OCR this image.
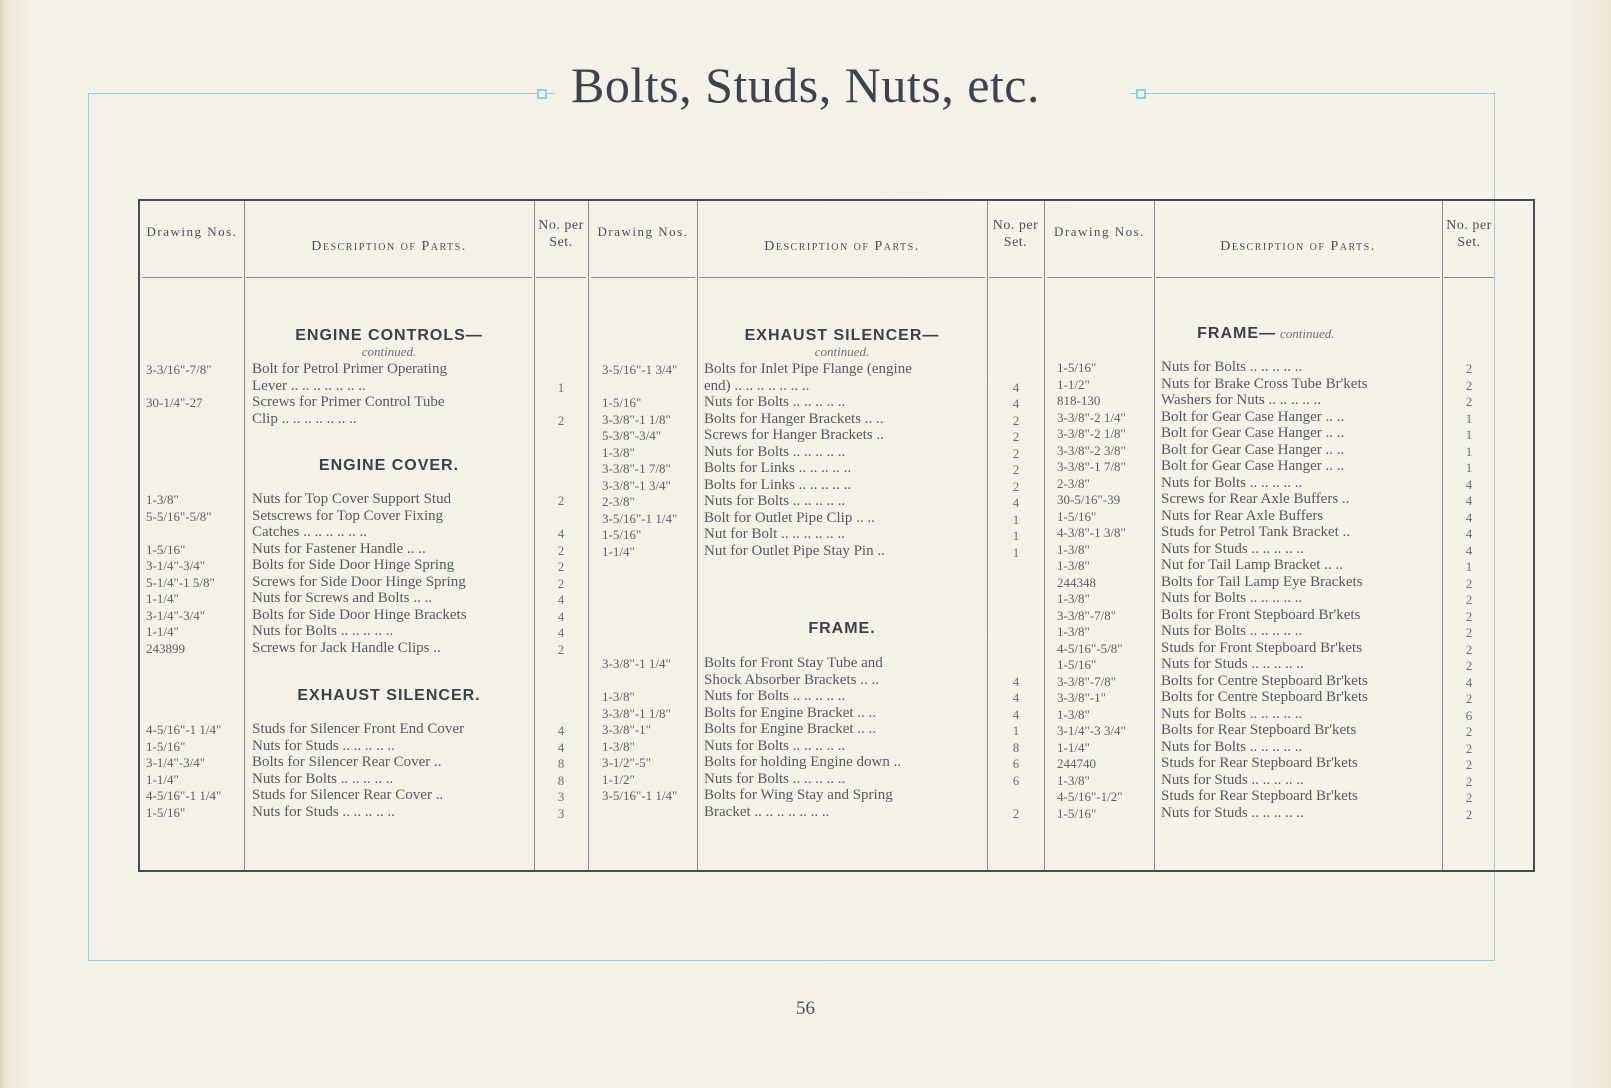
Bolts, Studs, Nuts, etc.
Drawing Nos.
Description of Parts.
No. per Set.
Drawing Nos.
Description of Parts.
No. per Set.
Drawing Nos.
Description of Parts.
No. per Set.
ENGINE CONTROLS—
continued.
ENGINE COVER.
EXHAUST SILENCER.
EXHAUST SILENCER—
continued.
FRAME.
FRAME— continued.
3-3/16"-7/8"	Bolt for Petrol Primer Operating
Lever .. .. .. .. .. .. ..	1
30-1/4"-27	Screws for Primer Control Tube
Clip .. .. .. .. .. .. ..	2
1-3/8"	Nuts for Top Cover Support Stud	2
5-5/16"-5/8"	Setscrews for Top Cover Fixing
Catches .. .. .. .. .. ..	4
1-5/16"	Nuts for Fastener Handle .. ..	2
3-1/4"-3/4"	Bolts for Side Door Hinge Spring	2
5-1/4"-1 5/8" Screws for Side Door Hinge Spring	2
1-1/4"	Nuts for Screws and Bolts .. ..	4
3-1/4"-3/4"	Bolts for Side Door Hinge Brackets	4
1-1/4"	Nuts for Bolts .. .. .. .. ..	4
243899	Screws for Jack Handle Clips ..	2
4-5/16"-1 1/4" Studs for Silencer Front End Cover	4
1-5/16"	Nuts for Studs .. .. .. .. ..	4
3-1/4"-3/4"	Bolts for Silencer Rear Cover ..	8
1-1/4"	Nuts for Bolts .. .. .. .. ..	8
4-5/16"-1 1/4" Studs for Silencer Rear Cover ..	3
1-5/16"	Nuts for Studs .. .. .. .. ..	3
3-5/16"-1 3/4" Bolts for Inlet Pipe Flange (engine
end) .. .. .. .. .. .. ..	4
1-5/16"	Nuts for Bolts .. .. .. .. ..	4
3-3/8"-1 1/8" Bolts for Hanger Brackets .. ..	2
5-3/8"-3/4"	Screws for Hanger Brackets ..	2
1-3/8"	Nuts for Bolts .. .. .. .. ..	2
3-3/8"-1 7/8" Bolts for Links .. .. .. .. ..	2
3-3/8"-1 3/4" Bolts for Links .. .. .. .. ..	2
2-3/8"	Nuts for Bolts .. .. .. .. ..	4
3-5/16"-1 1/4" Bolt for Outlet Pipe Clip .. ..	1
1-5/16"	Nut for Bolt .. .. .. .. .. ..	1
1-1/4"	Nut for Outlet Pipe Stay Pin ..	1
3-3/8"-1 1/4" Bolts for Front Stay Tube and
Shock Absorber Brackets .. ..	4
1-3/8"	Nuts for Bolts .. .. .. .. ..	4
3-3/8"-1 1/8" Bolts for Engine Bracket .. ..	4
3-3/8"-1"	Bolts for Engine Bracket .. ..	1
1-3/8"	Nuts for Bolts .. .. .. .. ..	8
3-1/2"-5"	Bolts for holding Engine down ..	6
1-1/2"	Nuts for Bolts .. .. .. .. ..	6
3-5/16"-1 1/4" Bolts for Wing Stay and Spring
Bracket .. .. .. .. .. .. ..	2
1-5/16"	Nuts for Bolts .. .. .. .. ..	2
1-1/2"	Nuts for Brake Cross Tube Br'kets	2
818-130	Washers for Nuts .. .. .. .. ..	2
3-3/8"-2 1/4" Bolt for Gear Case Hanger .. ..	1
3-3/8"-2 1/8" Bolt for Gear Case Hanger .. ..	1
3-3/8"-2 3/8" Bolt for Gear Case Hanger .. ..	1
3-3/8"-1 7/8" Bolt for Gear Case Hanger .. ..	1
2-3/8"	Nuts for Bolts .. .. .. .. ..	4
30-5/16"-39	Screws for Rear Axle Buffers ..	4
1-5/16"	Nuts for Rear Axle Buffers	4
4-3/8"-1 3/8" Studs for Petrol Tank Bracket ..	4
1-3/8"	Nuts for Studs .. .. .. .. ..	4
1-3/8"	Nut for Tail Lamp Bracket .. ..	1
244348	Bolts for Tail Lamp Eye Brackets	2
1-3/8"	Nuts for Bolts .. .. .. .. ..	2
3-3/8"-7/8"	Bolts for Front Stepboard Br'kets	2
1-3/8"	Nuts for Bolts .. .. .. .. ..	2
4-5/16"-5/8"	Studs for Front Stepboard Br'kets	2
1-5/16"	Nuts for Studs .. .. .. .. ..	2
3-3/8"-7/8"	Bolts for Centre Stepboard Br'kets	4
3-3/8"-1"	Bolts for Centre Stepboard Br'kets	2
1-3/8"	Nuts for Bolts .. .. .. .. ..	6
3-1/4"-3 3/4" Bolts for Rear Stepboard Br'kets	2
1-1/4"	Nuts for Bolts .. .. .. .. ..	2
244740	Studs for Rear Stepboard Br'kets	2
1-3/8"	Nuts for Studs .. .. .. .. ..	2
4-5/16"-1/2"	Studs for Rear Stepboard Br'kets	2
1-5/16"	Nuts for Studs .. .. .. .. ..	2
56
